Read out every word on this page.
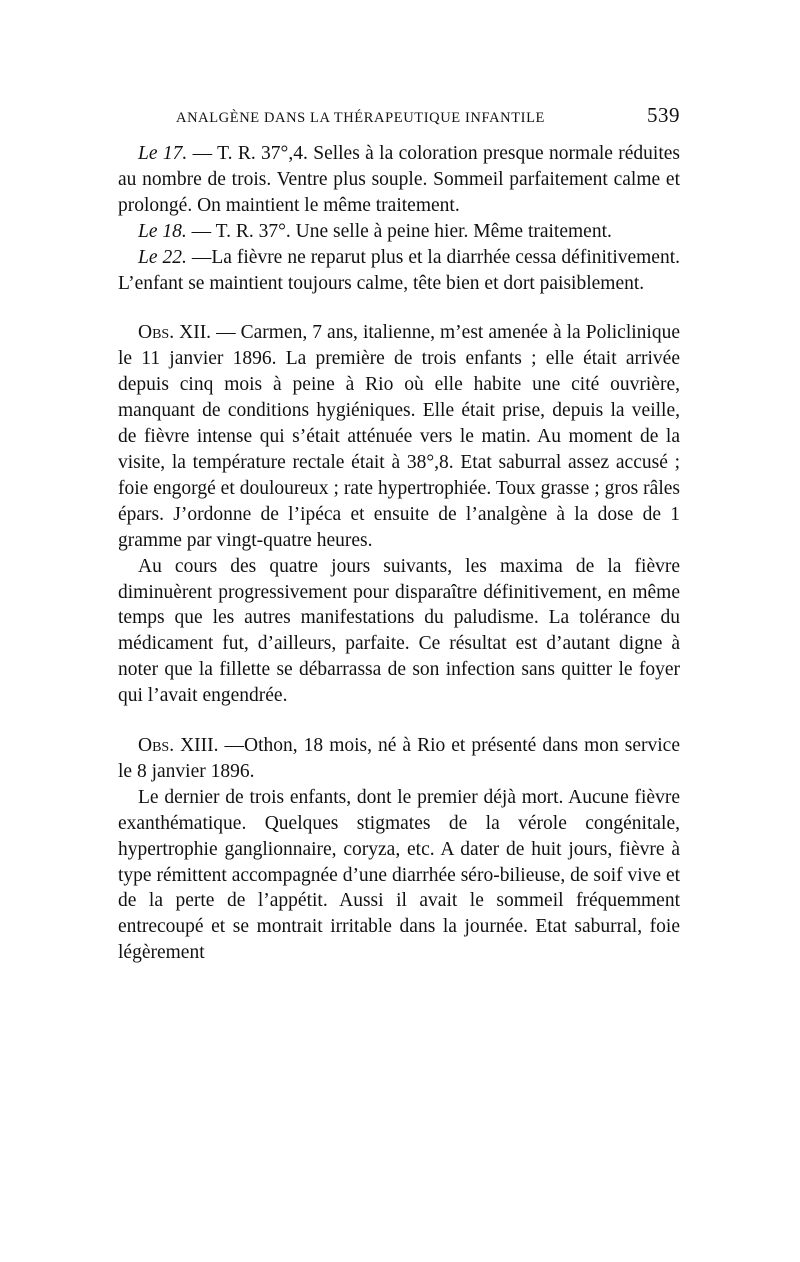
ANALGÈNE DANS LA THÉRAPEUTIQUE INFANTILE	539

Le 17. — T. R. 37°,4. Selles à la coloration presque normale réduites au nombre de trois. Ventre plus souple. Sommeil parfaitement calme et prolongé. On maintient le même traitement.

Le 18. — T. R. 37°. Une selle à peine hier. Même traitement.

Le 22. —La fièvre ne reparut plus et la diarrhée cessa définitivement. L’enfant se maintient toujours calme, tête bien et dort paisiblement.

Obs. XII. — Carmen, 7 ans, italienne, m’est amenée à la Policlinique le 11 janvier 1896. La première de trois enfants ; elle était arrivée depuis cinq mois à peine à Rio où elle habite une cité ouvrière, manquant de conditions hygiéniques. Elle était prise, depuis la veille, de fièvre intense qui s’était atténuée vers le matin. Au moment de la visite, la température rectale était à 38°,8. Etat saburral assez accusé ; foie engorgé et douloureux ; rate hypertrophiée. Toux grasse ; gros râles épars. J’ordonne de l’ipéca et ensuite de l’analgène à la dose de 1 gramme par vingt-quatre heures.

Au cours des quatre jours suivants, les maxima de la fièvre diminuèrent progressivement pour disparaître définitivement, en même temps que les autres manifestations du paludisme. La tolérance du médicament fut, d’ailleurs, parfaite. Ce résultat est d’autant digne à noter que la fillette se débarrassa de son infection sans quitter le foyer qui l’avait engendrée.

Obs. XIII. —Othon, 18 mois, né à Rio et présenté dans mon service le 8 janvier 1896.

Le dernier de trois enfants, dont le premier déjà mort. Aucune fièvre exanthématique. Quelques stigmates de la vérole congénitale, hypertrophie ganglionnaire, coryza, etc. A dater de huit jours, fièvre à type rémittent accompagnée d’une diarrhée séro-bilieuse, de soif vive et de la perte de l’appétit. Aussi il avait le sommeil fréquemment entrecoupé et se montrait irritable dans la journée. Etat saburral, foie légèrement
